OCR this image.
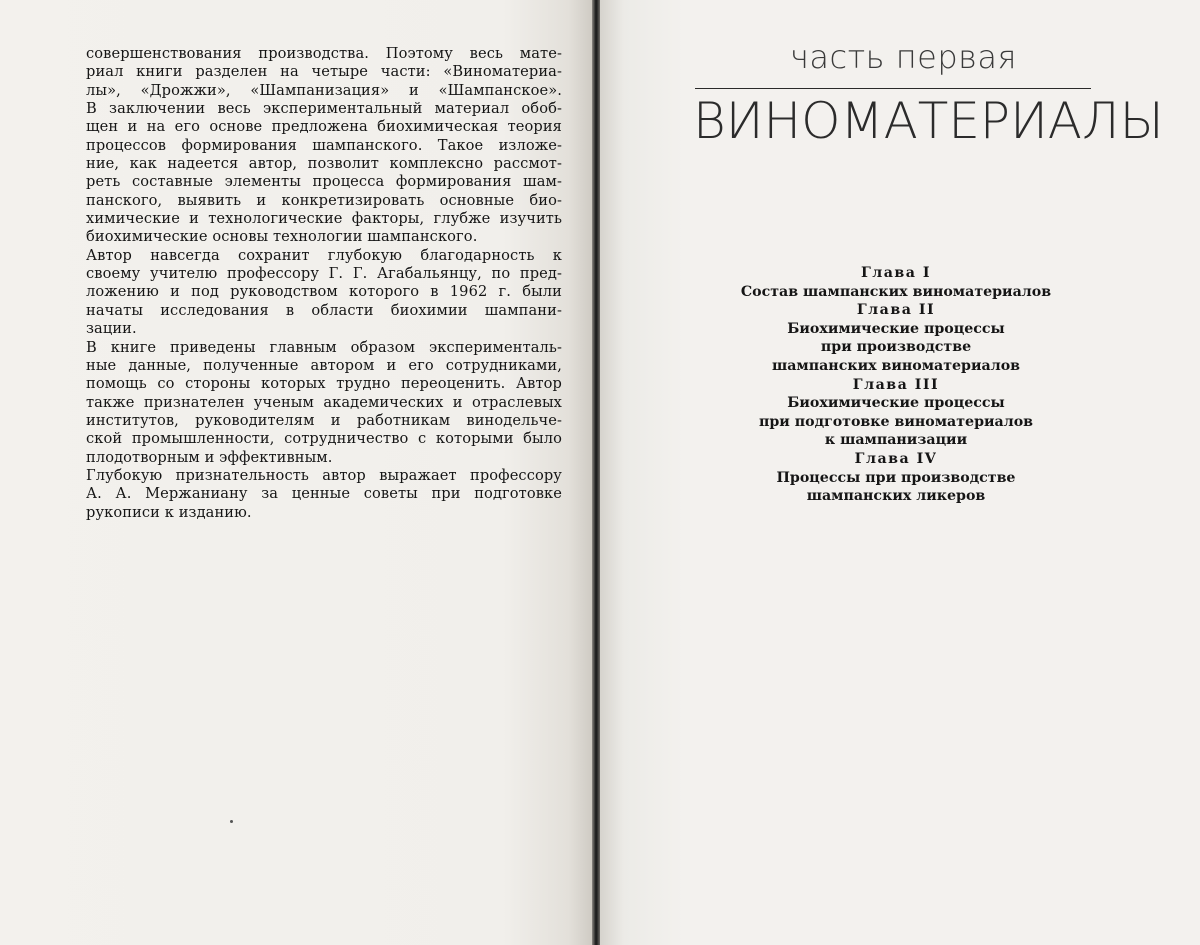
совершенствования производства. Поэтому весь мате-
риал книги разделен на четыре части: «Виноматериа-
лы», «Дрожжи», «Шампанизация» и «Шампанское».
В заключении весь экспериментальный материал обоб-
щен и на его основе предложена биохимическая теория
процессов формирования шампанского. Такое изложе-
ние, как надеется автор, позволит комплексно рассмот-
реть составные элементы процесса формирования шам-
панского, выявить и конкретизировать основные био-
химические и технологические факторы, глубже изучить
биохимические основы технологии шампанского.
Автор навсегда сохранит глубокую благодарность к
своему учителю профессору Г. Г. Агабальянцу, по пред-
ложению и под руководством которого в 1962 г. были
начаты исследования в области биохимии шампани-
зации.
В книге приведены главным образом эксперименталь-
ные данные, полученные автором и его сотрудниками,
помощь со стороны которых трудно переоценить. Автор
также признателен ученым академических и отраслевых
институтов, руководителям и работникам винодельче-
ской промышленности, сотрудничество с которыми было
плодотворным и эффективным.
Глубокую признательность автор выражает профессору
А. А. Мержаниану за ценные советы при подготовке
рукописи к изданию.
часть первая
ВИНОМАТЕРИАЛЫ
Глава I
Состав шампанских виноматериалов
Глава II
Биохимические процессы
при производстве
шампанских виноматериалов
Глава III
Биохимические процессы
при подготовке виноматериалов
к шампанизации
Глава IV
Процессы при производстве
шампанских ликеров
